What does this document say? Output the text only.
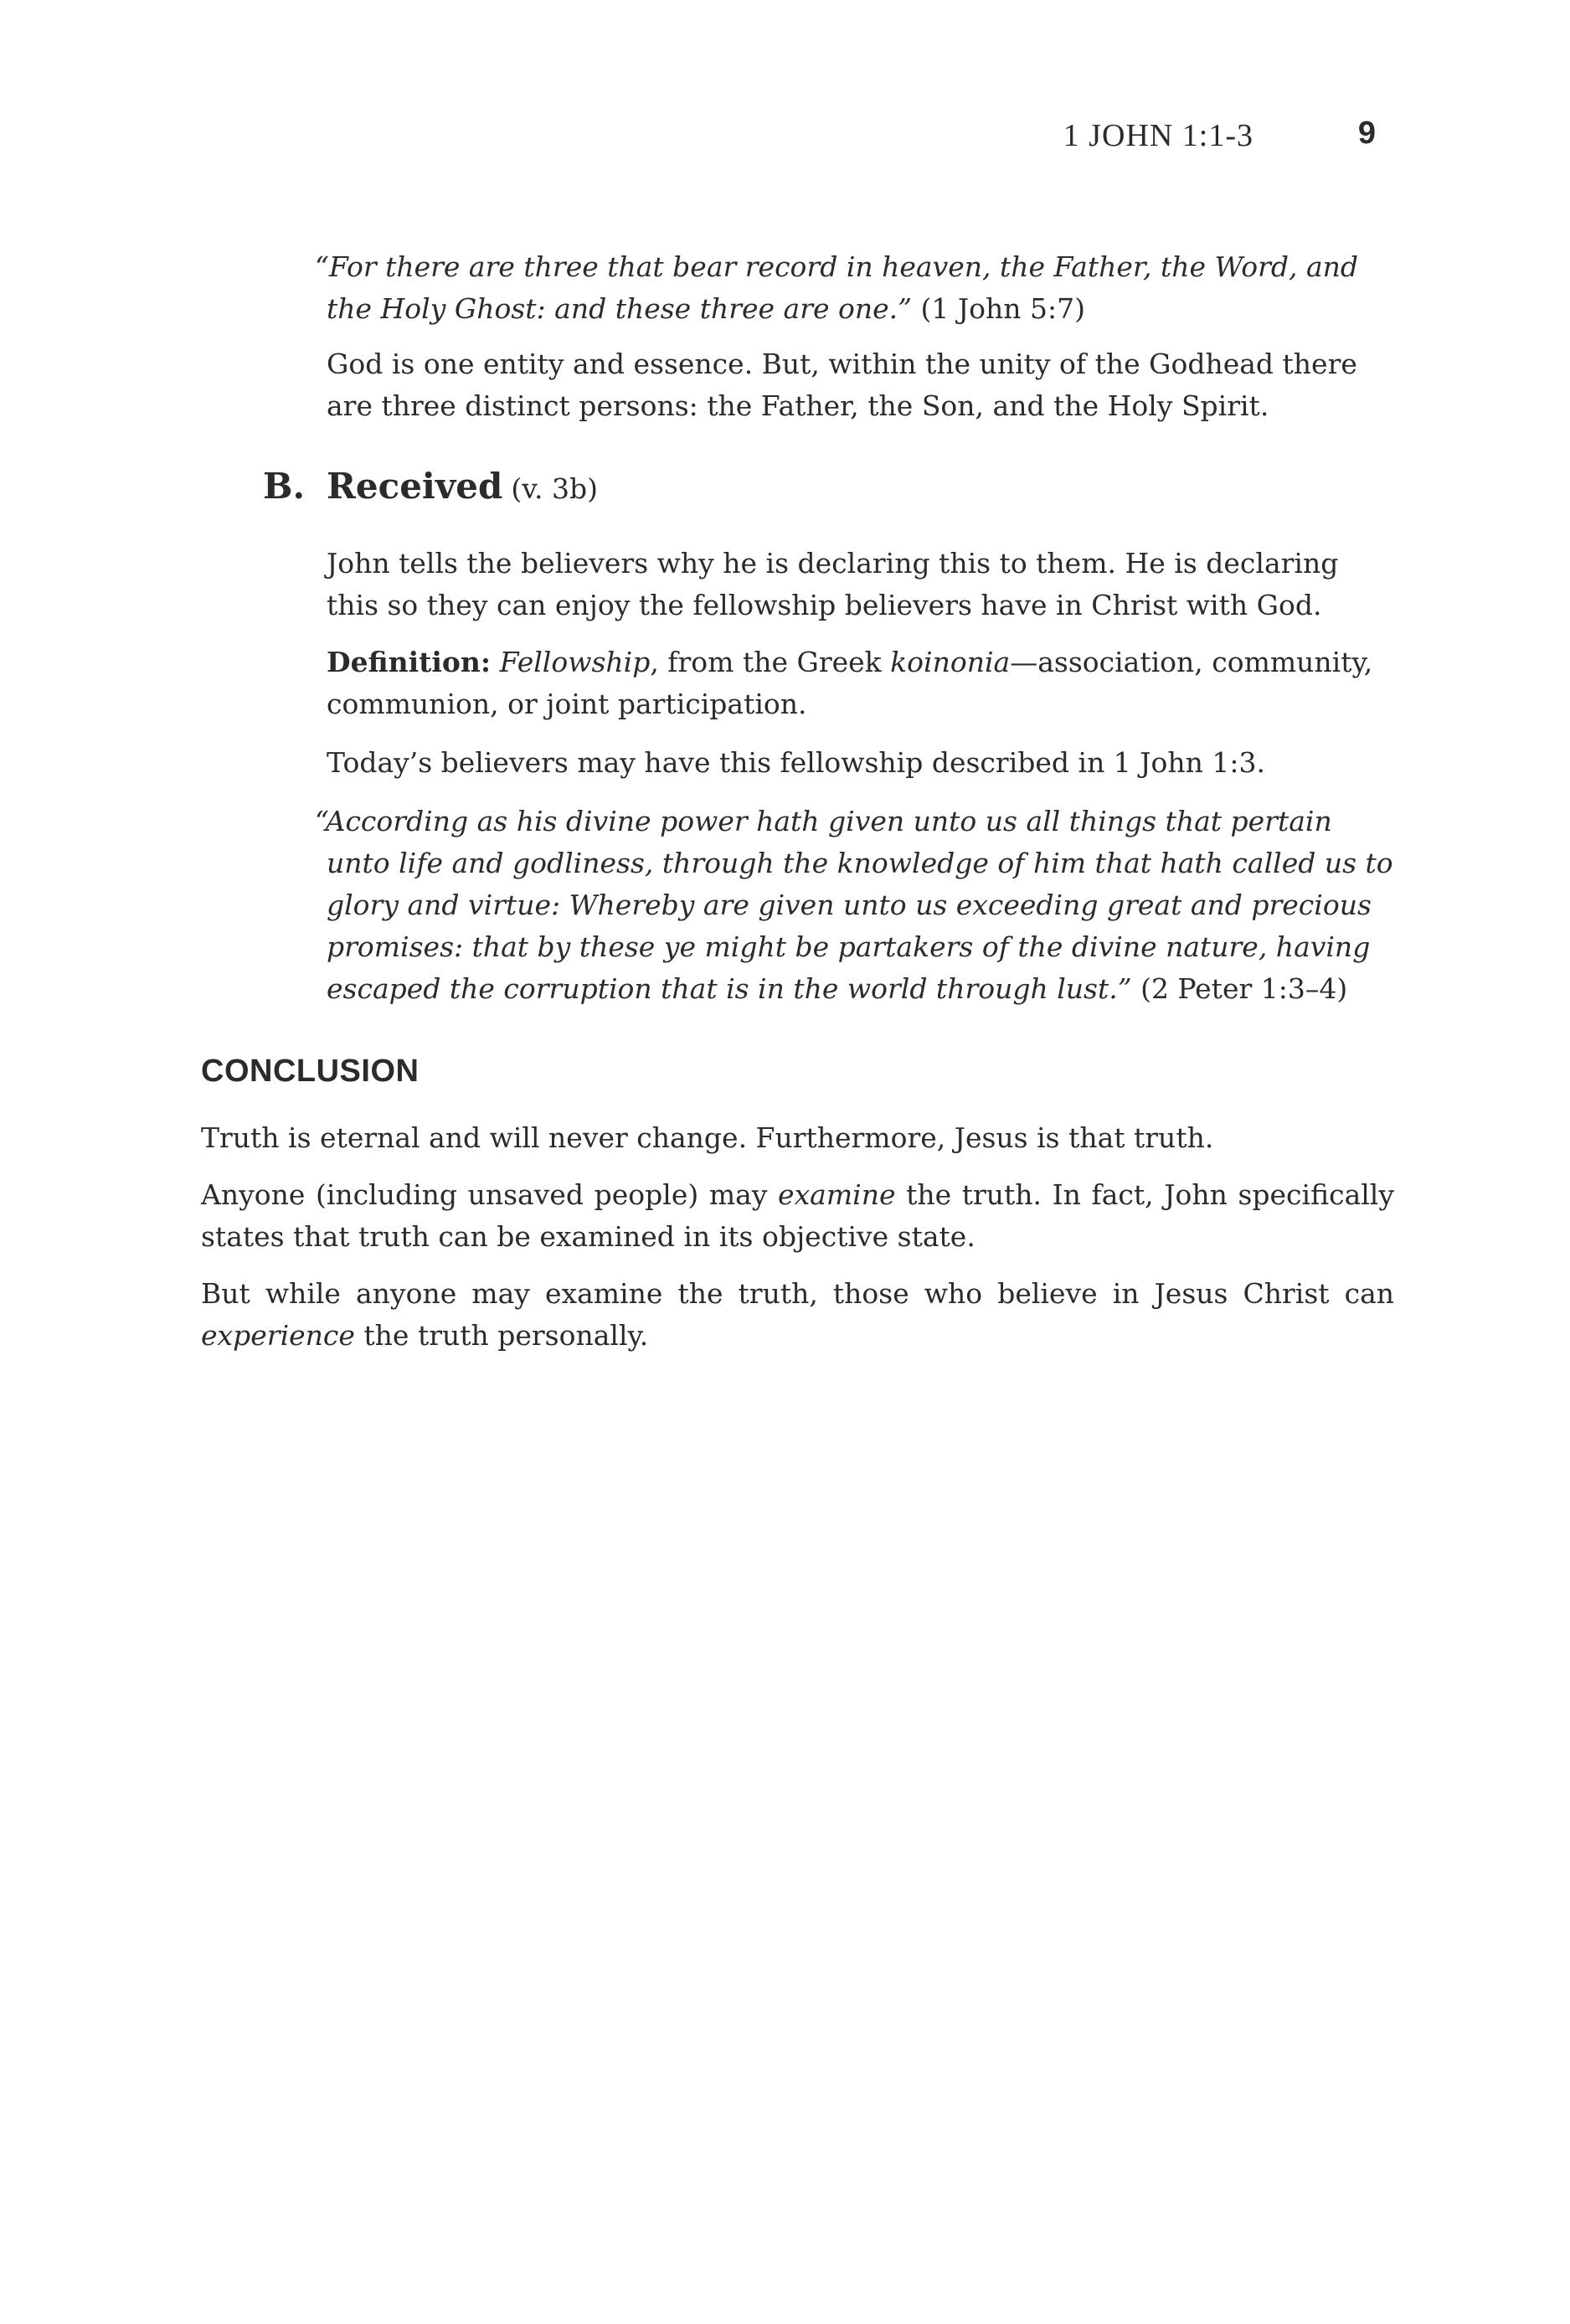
1 JOHN 1:1-3	9

“For there are three that bear record in heaven, the Father, the Word, and the Holy Ghost: and these three are one.” (1 John 5:7)

God is one entity and essence. But, within the unity of the Godhead there are three distinct persons: the Father, the Son, and the Holy Spirit.

B. Received (v. 3b)

John tells the believers why he is declaring this to them. He is declaring this so they can enjoy the fellowship believers have in Christ with God.

Definition: Fellowship, from the Greek koinonia—association, community, communion, or joint participation.

Today’s believers may have this fellowship described in 1 John 1:3.

“According as his divine power hath given unto us all things that pertain unto life and godliness, through the knowledge of him that hath called us to glory and virtue: Whereby are given unto us exceeding great and precious promises: that by these ye might be partakers of the divine nature, having escaped the corruption that is in the world through lust.” (2 Peter 1:3–4)

CONCLUSION

Truth is eternal and will never change. Furthermore, Jesus is that truth.

Anyone (including unsaved people) may examine the truth. In fact, John specifically states that truth can be examined in its objective state.

But while anyone may examine the truth, those who believe in Jesus Christ can experience the truth personally.
